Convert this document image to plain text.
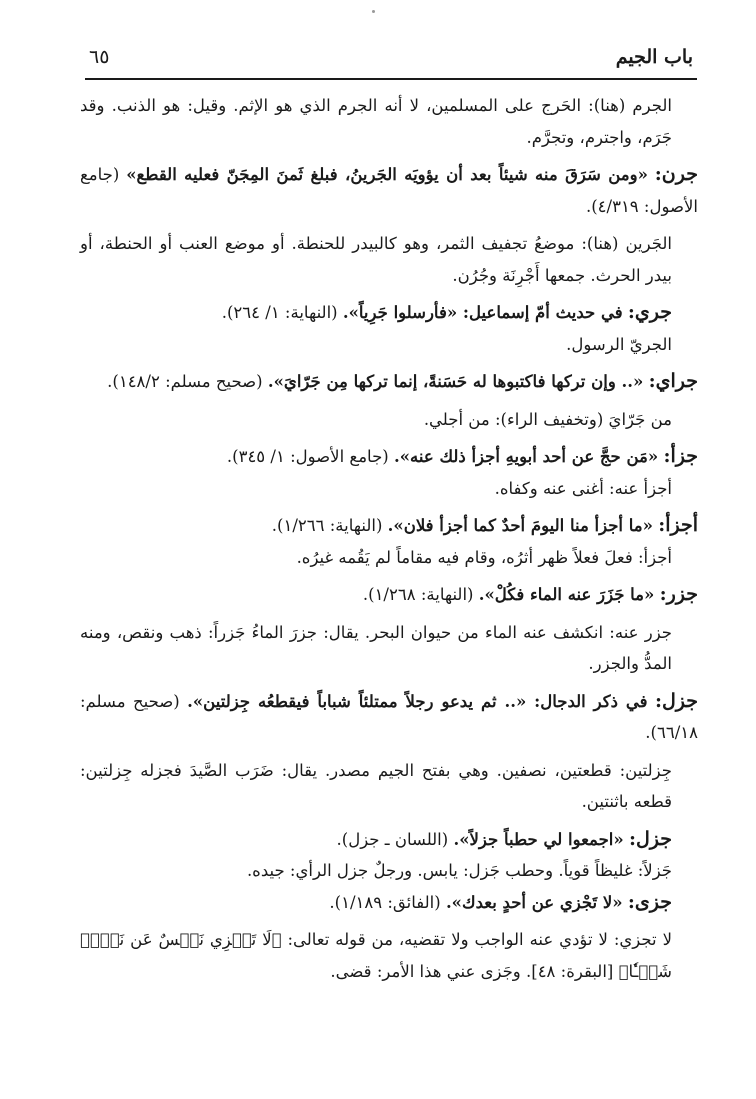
باب الجيم
٦٥

الجرم (هنا): الحَرج على المسلمين، لا أنه الجرم الذي هو الإثم. وقيل: هو الذنب. وقد جَرَم، واجترم، وتجرَّم.

جرن: «ومن سَرَقَ منه شيئاً بعد أن يؤويَه الجَرينُ، فبلغ ثَمنَ المِجَنّ فعليه القطع» (جامع الأصول: ٤/٣١٩).

الجَرين (هنا): موضعُ تجفيف الثمر، وهو كالبيدر للحنطة. أو موضع العنب أو الحنطة، أو بيدر الحرث. جمعها أَجْرِنَة وجُرُن.

جري: في حديث أمّ إسماعيل: «فأرسلوا جَرِياً». (النهاية: ١/ ٢٦٤).

الجريّ الرسول.

جراي: «.. وإن تركها فاكتبوها له حَسَنةً، إنما تركها مِن جَرّايَ». (صحيح مسلم: ١٤٨/٢).

من جَرّايَ (وتخفيف الراء): من أجلي.

جزأ: «مَن حجَّ عن أحد أبويهِ أجزأ ذلك عنه». (جامع الأصول: ١/ ٣٤٥).

أجزأ عنه: أغنى عنه وكفاه.

أجزأ: «ما أجزأ منا اليومَ أحدٌ كما أجزأ فلان». (النهاية: ١/٢٦٦).

أجزأ: فعلَ فعلاً ظهر أثرُه، وقام فيه مقاماً لم يَقُمه غيرُه.

جزر: «ما جَزَرَ عنه الماء فكُلْ». (النهاية: ١/٢٦٨).

جزر عنه: انكشف عنه الماء من حيوان البحر. يقال: جزرَ الماءُ جَزراً: ذهب ونقص، ومنه المدُّ والجزر.

جزل: في ذكر الدجال: «.. ثم يدعو رجلاً ممتلئاً شباباً فيقطعُه جِزلتين». (صحيح مسلم: ٦٦/١٨).

جِزلتين: قطعتين، نصفين. وهي بفتح الجيم مصدر. يقال: ضَرَب الصَّيدَ فجزله جِزلتين: قطعه باثنتين.

جزل: «اجمعوا لي حطباً جزلاً». (اللسان ـ جزل).

جَزلاً: غليظاً قوياً. وحطب جَزل: يابس. ورجلٌ جزل الرأي: جيده.

جزى: «لا تَجْزي عن أحدٍ بعدك». (الفائق: ١/١٨٩).

لا تجزي: لا تؤدي عنه الواجب ولا تقضيه، من قوله تعالى: ﴿لَا تَجۡزِي نَفۡسٌ عَن نَفۡسٖ شَيۡـٔٗا﴾ [البقرة: ٤٨]. وجَزى عني هذا الأمر: قضى.
